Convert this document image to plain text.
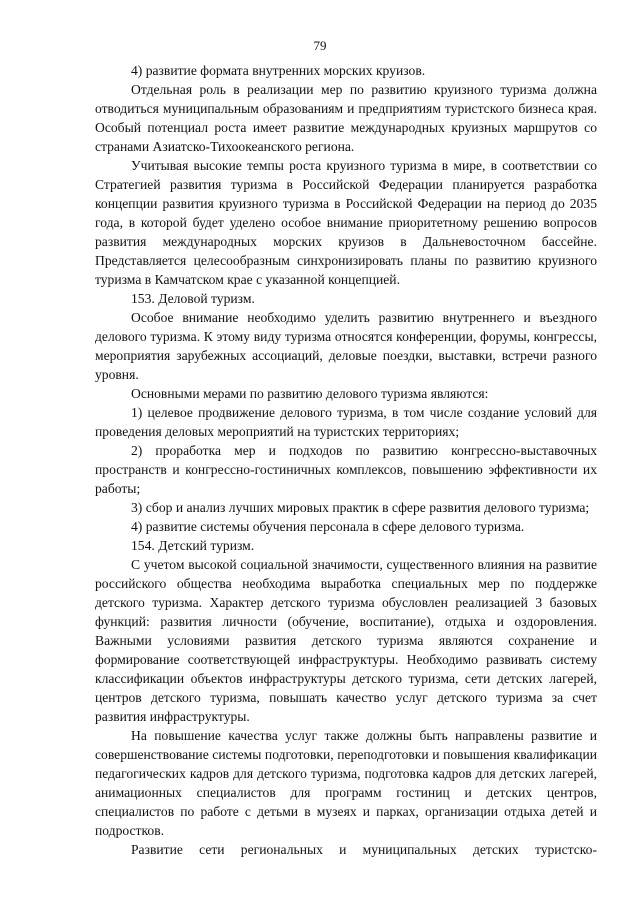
79

4) развитие формата внутренних морских круизов.

Отдельная роль в реализации мер по развитию круизного туризма должна отводиться муниципальным образованиям и предприятиям туристского бизнеса края. Особый потенциал роста имеет развитие международных круизных маршрутов со странами Азиатско-Тихоокеанского региона.

Учитывая высокие темпы роста круизного туризма в мире, в соответствии со Стратегией развития туризма в Российской Федерации планируется разработка концепции развития круизного туризма в Российской Федерации на период до 2035 года, в которой будет уделено особое внимание приоритетному решению вопросов развития международных морских круизов в Дальневосточном бассейне. Представляется целесообразным синхронизировать планы по развитию круизного туризма в Камчатском крае с указанной концепцией.

153. Деловой туризм.

Особое внимание необходимо уделить развитию внутреннего и въездного делового туризма. К этому виду туризма относятся конференции, форумы, конгрессы, мероприятия зарубежных ассоциаций, деловые поездки, выставки, встречи разного уровня.

Основными мерами по развитию делового туризма являются:

1) целевое продвижение делового туризма, в том числе создание условий для проведения деловых мероприятий на туристских территориях;

2) проработка мер и подходов по развитию конгрессно-выставочных пространств и конгрессно-гостиничных комплексов, повышению эффективности их работы;

3) сбор и анализ лучших мировых практик в сфере развития делового туризма;

4) развитие системы обучения персонала в сфере делового туризма.

154. Детский туризм.

С учетом высокой социальной значимости, существенного влияния на развитие российского общества необходима выработка специальных мер по поддержке детского туризма. Характер детского туризма обусловлен реализацией 3 базовых функций: развития личности (обучение, воспитание), отдыха и оздоровления. Важными условиями развития детского туризма являются сохранение и формирование соответствующей инфраструктуры. Необходимо развивать систему классификации объектов инфраструктуры детского туризма, сети детских лагерей, центров детского туризма, повышать качество услуг детского туризма за счет развития инфраструктуры.

На повышение качества услуг также должны быть направлены развитие и совершенствование системы подготовки, переподготовки и повышения квалификации педагогических кадров для детского туризма, подготовка кадров для детских лагерей, анимационных специалистов для программ гостиниц и детских центров, специалистов по работе с детьми в музеях и парках, организации отдыха детей и подростков.

Развитие сети региональных и муниципальных детских туристско-
